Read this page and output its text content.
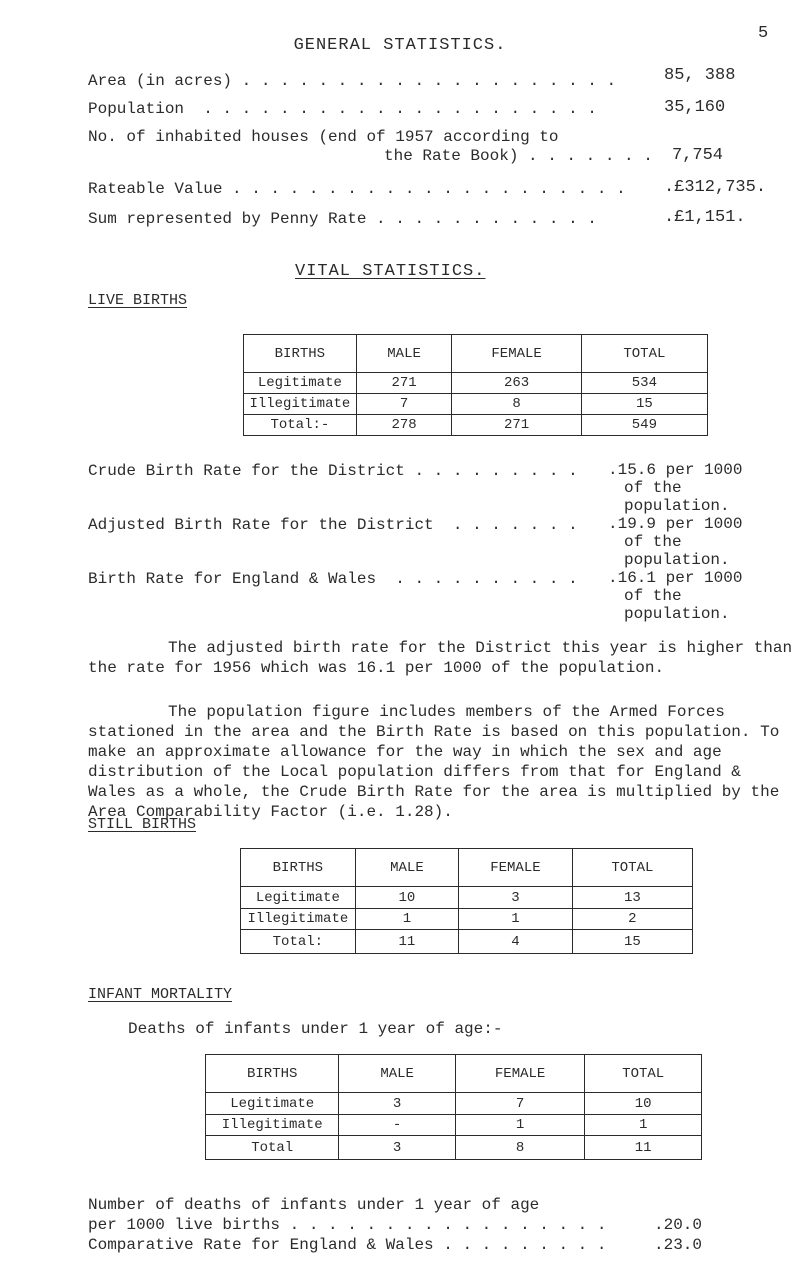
GENERAL STATISTICS.
5
Area (in acres) . . . . . . . . . . . . . . . . . . . .	85, 388
Population  . . . . . . . . . . . . . . . . . . . . .	35,160
No. of inhabited houses (end of 1957 according to
the Rate Book) . . . . . . . 7,754
Rateable Value . . . . . . . . . . . . . . . . . . . . . .£312,735.
Sum represented by Penny Rate . . . . . . . . . . . .	.£1,151.
VITAL STATISTICS.
LIVE BIRTHS
BIRTHS	MALE	FEMALE	TOTAL
Legitimate	271	263	534
Illegitimate	7	8	15
Total:-	278	271	549
Crude Birth Rate for the District . . . . . . . . . .15.6 per 1000
of the
population.
Adjusted Birth Rate for the District  . . . . . . . .19.9 per 1000
of the
population.
Birth Rate for England & Wales  . . . . . . . . . . .16.1 per 1000
of the
population.
The adjusted birth rate for the District this year is higher than the rate for 1956 which was 16.1 per 1000 of the population.
The population figure includes members of the Armed Forces stationed in the area and the Birth Rate is based on this population. To make an approximate allowance for the way in which the sex and age distribution of the Local population differs from that for England & Wales as a whole, the Crude Birth Rate for the area is multiplied by the Area Comparability Factor (i.e. 1.28).
STILL BIRTHS
BIRTHS	MALE	FEMALE	TOTAL
Legitimate	10	3	13
Illegitimate	1	1	2
Total:	11	4	15
INFANT MORTALITY
Deaths of infants under 1 year of age:-
BIRTHS	MALE	FEMALE	TOTAL
Legitimate	3	7	10
Illegitimate	-	1	1
Total	3	8	11
Number of deaths of infants under 1 year of age
per 1000 live births . . . . . . . . . . . . . . . . .	.20.0
Comparative Rate for England & Wales . . . . . . . . .	.23.0
